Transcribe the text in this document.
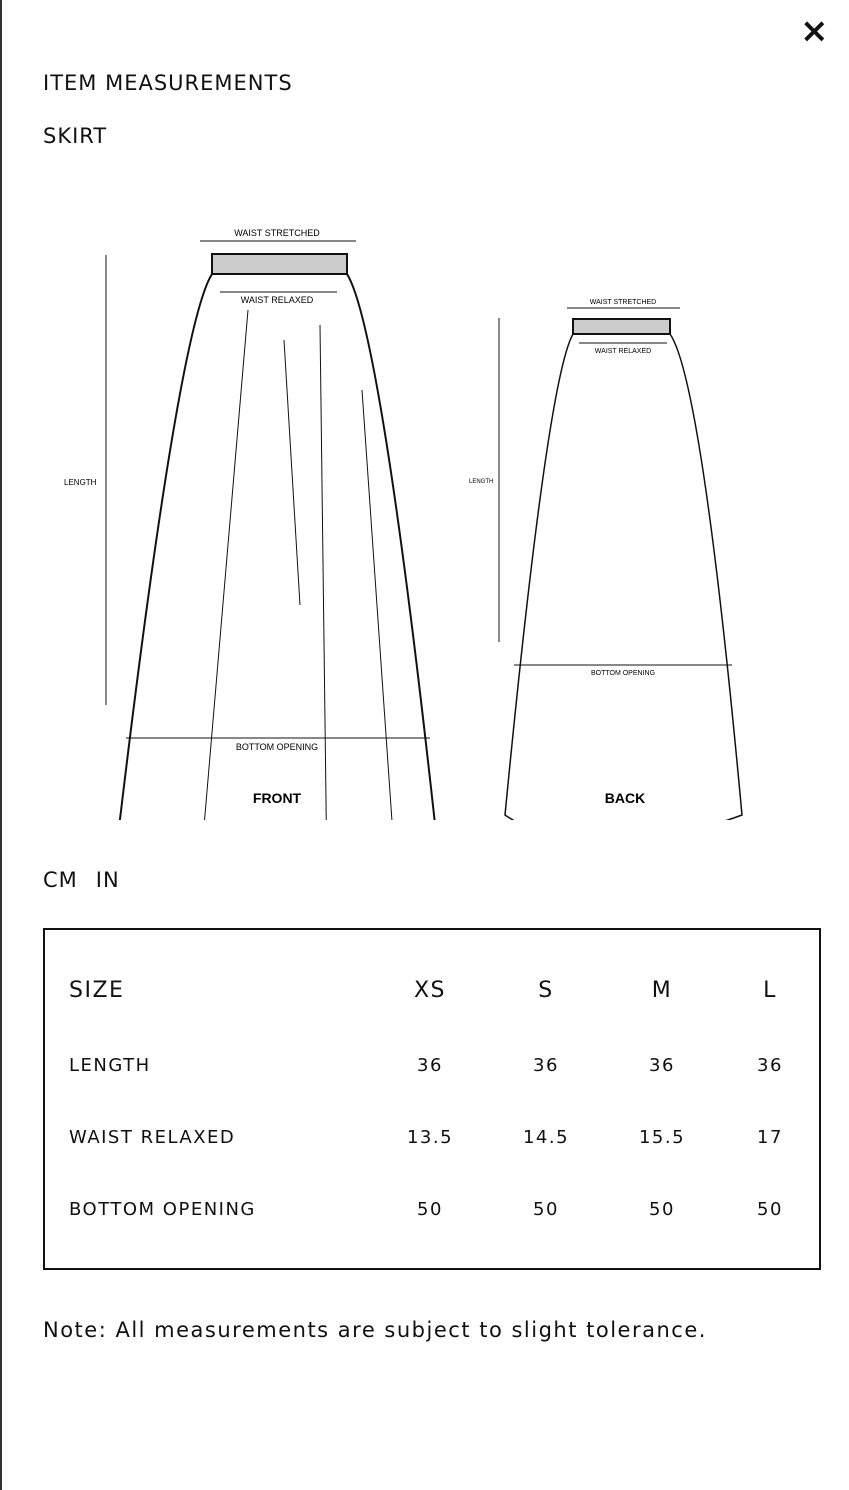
×
ITEM MEASUREMENTS
SKIRT
WAIST STRETCHED
WAIST RELAXED
LENGTH
BOTTOM OPENING
FRONT
WAIST STRETCHED
WAIST RELAXED
LENGTH
BOTTOM OPENING
BACK
CM IN
SIZE	XS	S	M	L
LENGTH	36	36	36	36
WAIST RELAXED	13.5	14.5	15.5	17
BOTTOM OPENING	50	50	50	50
Note: All measurements are subject to slight tolerance.
